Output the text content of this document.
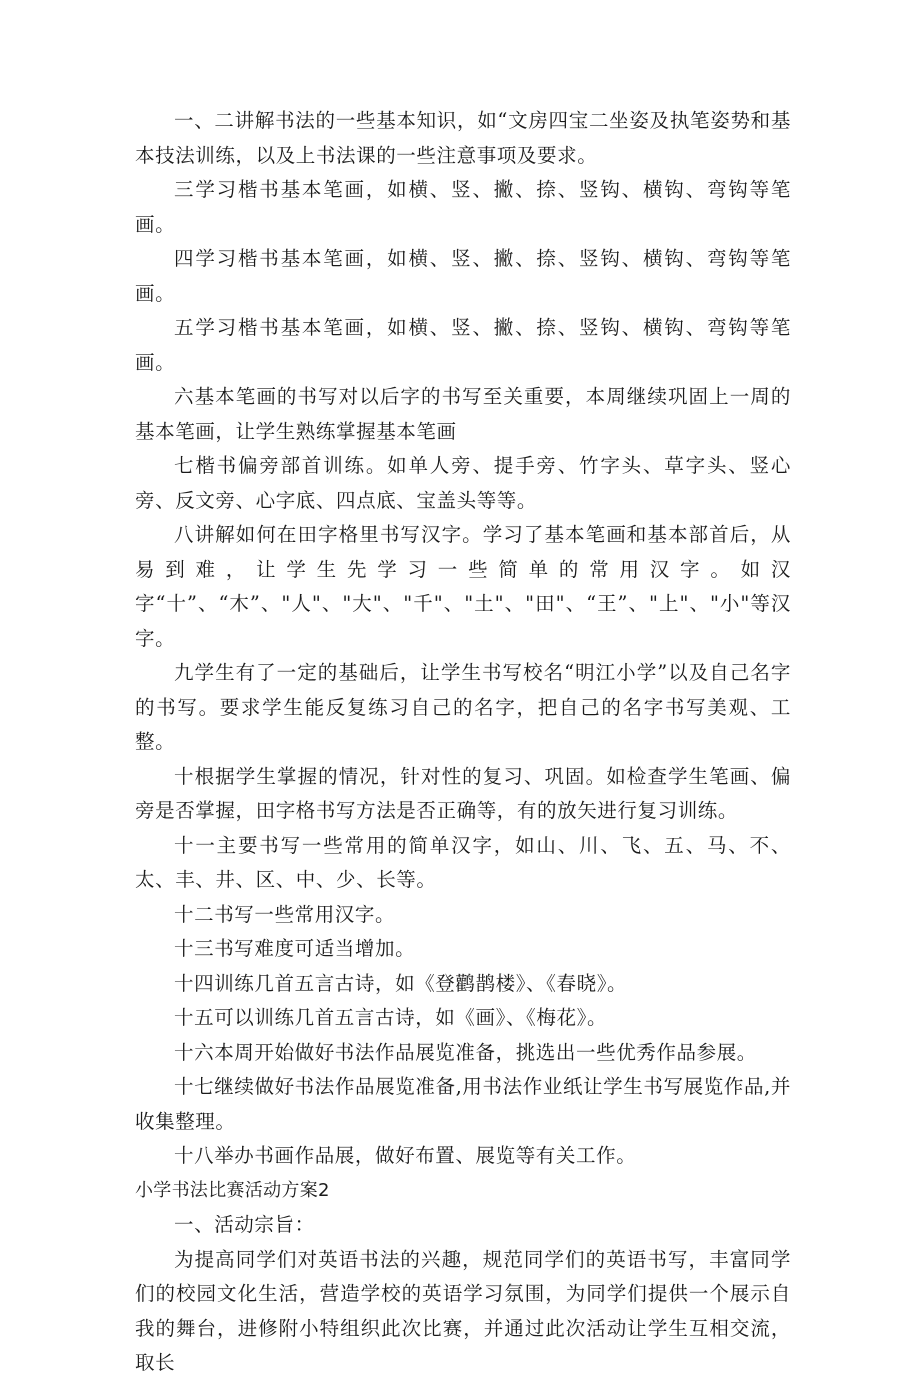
一、二讲解书法的一些基本知识，如“文房四宝二坐姿及执笔姿势和基本技法训练，以及上书法课的一些注意事项及要求。

三学习楷书基本笔画，如横、竖、撇、捺、竖钩、横钩、弯钩等笔画。

四学习楷书基本笔画，如横、竖、撇、捺、竖钩、横钩、弯钩等笔画。

五学习楷书基本笔画，如横、竖、撇、捺、竖钩、横钩、弯钩等笔画。

六基本笔画的书写对以后字的书写至关重要，本周继续巩固上一周的基本笔画，让学生熟练掌握基本笔画

七楷书偏旁部首训练。如单人旁、提手旁、竹字头、草字头、竖心旁、反文旁、心字底、四点底、宝盖头等等。

八讲解如何在田字格里书写汉字。学习了基本笔画和基本部首后，从易到难，让学生先学习一些简单的常用汉字。如汉字“十”、“木”、"人"、"大"、"千"、"土"、"田"、“王”、"上"、"小"等汉字。

九学生有了一定的基础后，让学生书写校名“明江小学”以及自己名字的书写。要求学生能反复练习自己的名字，把自己的名字书写美观、工整。

十根据学生掌握的情况，针对性的复习、巩固。如检查学生笔画、偏旁是否掌握，田字格书写方法是否正确等，有的放矢进行复习训练。

十一主要书写一些常用的简单汉字，如山、川、飞、五、马、不、太、丰、井、区、中、少、长等。

十二书写一些常用汉字。

十三书写难度可适当增加。

十四训练几首五言古诗，如《登鹳鹊楼》、《春晓》。

十五可以训练几首五言古诗，如《画》、《梅花》。

十六本周开始做好书法作品展览准备，挑选出一些优秀作品参展。

十七继续做好书法作品展览准备,用书法作业纸让学生书写展览作品,并收集整理。

十八举办书画作品展，做好布置、展览等有关工作。

小学书法比赛活动方案2

一、活动宗旨：

为提高同学们对英语书法的兴趣，规范同学们的英语书写，丰富同学们的校园文化生活，营造学校的英语学习氛围，为同学们提供一个展示自我的舞台，进修附小特组织此次比赛，并通过此次活动让学生互相交流，取长
